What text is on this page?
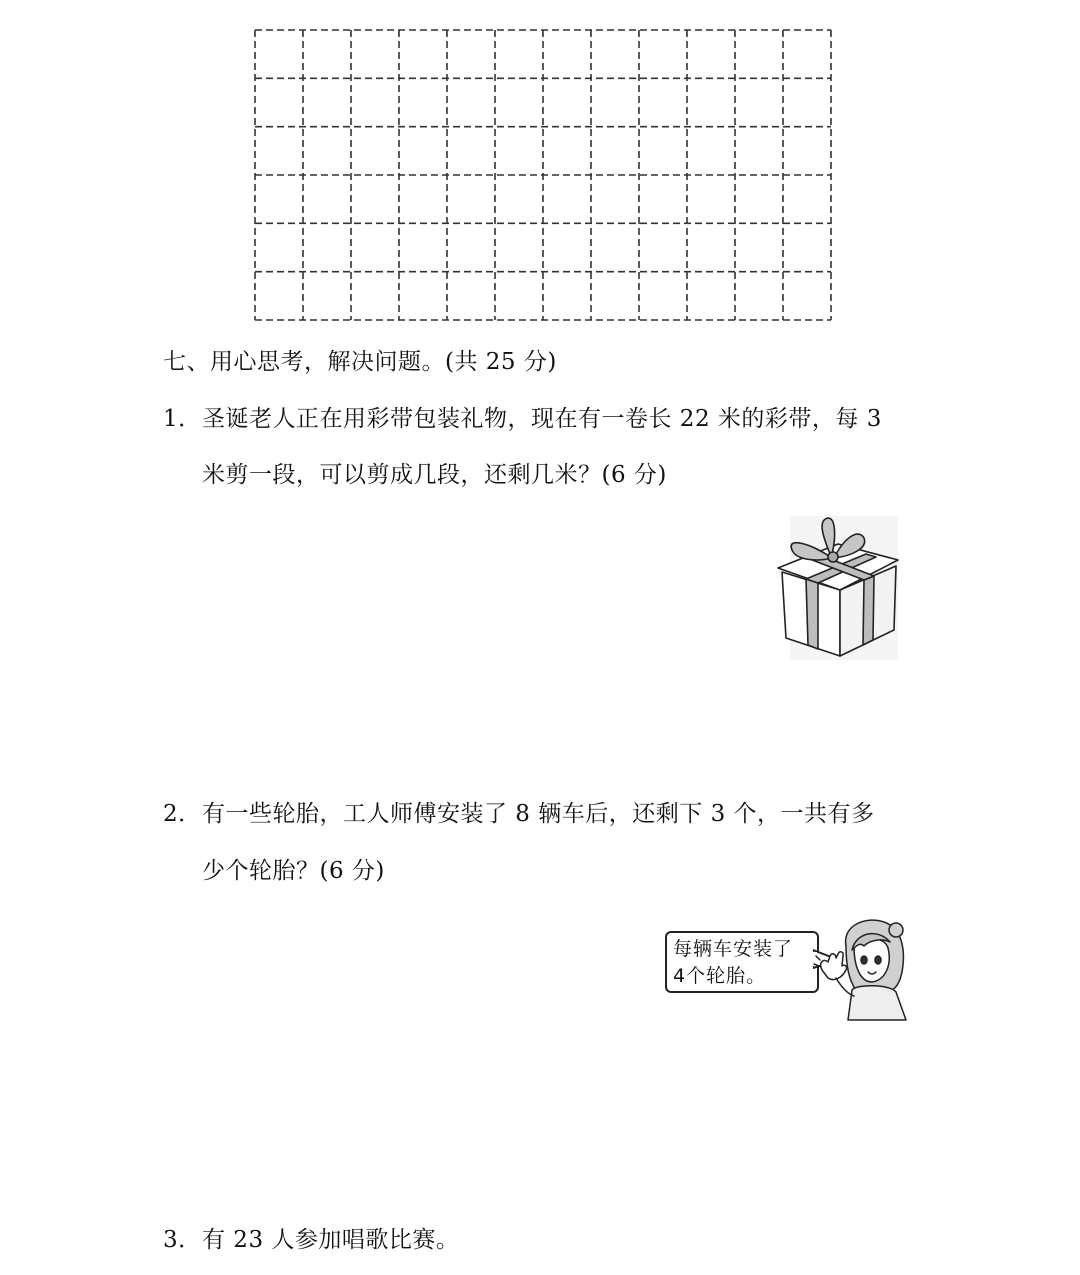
七、用心思考，解决问题。(共 25 分)
1．圣诞老人正在用彩带包装礼物，现在有一卷长 22 米的彩带，每 3
米剪一段，可以剪成几段，还剩几米？(6 分)
2．有一些轮胎，工人师傅安装了 8 辆车后，还剩下 3 个，一共有多
少个轮胎？(6 分)
每辆车安装了
4个轮胎。
3．有 23 人参加唱歌比赛。
